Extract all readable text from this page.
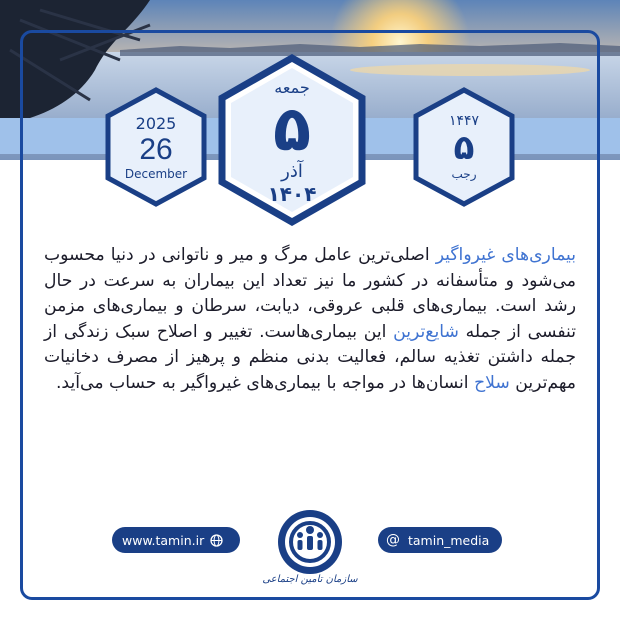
2025
26
December
جمعه
۵
آذر
۱۴۰۴
۱۴۴۷
۵
رجب
بیماری‌های غیرواگیر اصلی‌ترین عامل مرگ و میر و ناتوانی در دنیا محسوب می‌شود و متأسفانه در کشور ما نیز تعداد این بیماران به سرعت در حال رشد است. بیماری‌های قلبی عروقی، دیابت، سرطان و بیماری‌های مزمن تنفسی از جمله شایع‌ترین این بیماری‌هاست. تغییر و اصلاح سبک زندگی از جمله داشتن تغذیه سالم، فعالیت بدنی منظم و پرهیز از مصرف دخانیات مهم‌ترین سلاح انسان‌ها در مواجه با بیماری‌های غیرواگیر به حساب می‌آید.
www.tamin.ir	@ tamin_media
سازمان تامین اجتماعی
